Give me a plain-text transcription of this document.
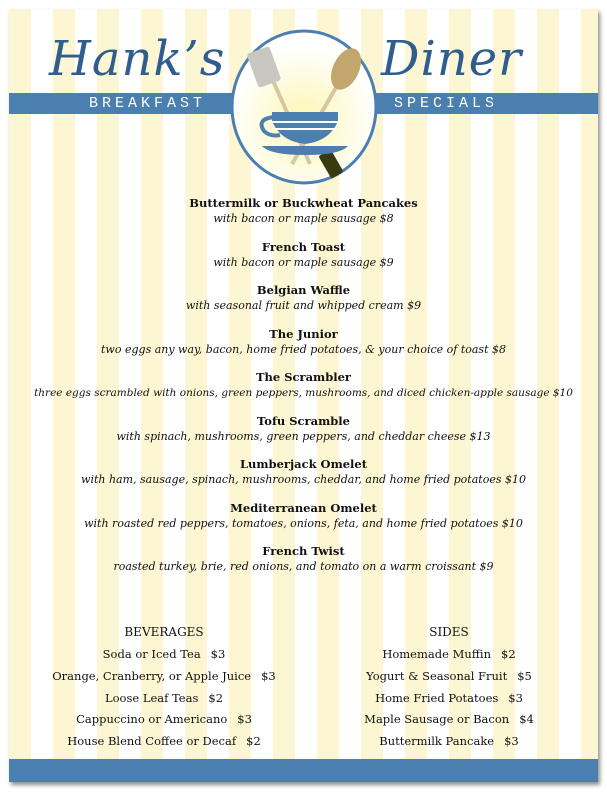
Hank’s	Diner
BREAKFAST	SPECIALS
Buttermilk or Buckwheat Pancakes
with bacon or maple sausage $8
French Toast
with bacon or maple sausage $9
Belgian Waffle
with seasonal fruit and whipped cream $9
The Junior
two eggs any way, bacon, home fried potatoes, & your choice of toast $8
The Scrambler
three eggs scrambled with onions, green peppers, mushrooms, and diced chicken-apple sausage $10
Tofu Scramble
with spinach, mushrooms, green peppers, and cheddar cheese $13
Lumberjack Omelet
with ham, sausage, spinach, mushrooms, cheddar, and home fried potatoes $10
Mediterranean Omelet
with roasted red peppers, tomatoes, onions, feta, and home fried potatoes $10
French Twist
roasted turkey, brie, red onions, and tomato on a warm croissant $9
BEVERAGES
Soda or Iced Tea $3
Orange, Cranberry, or Apple Juice $3
Loose Leaf Teas $2
Cappuccino or Americano $3
House Blend Coffee or Decaf $2
SIDES
Homemade Muffin $2
Yogurt & Seasonal Fruit $5
Home Fried Potatoes $3
Maple Sausage or Bacon $4
Buttermilk Pancake $3
